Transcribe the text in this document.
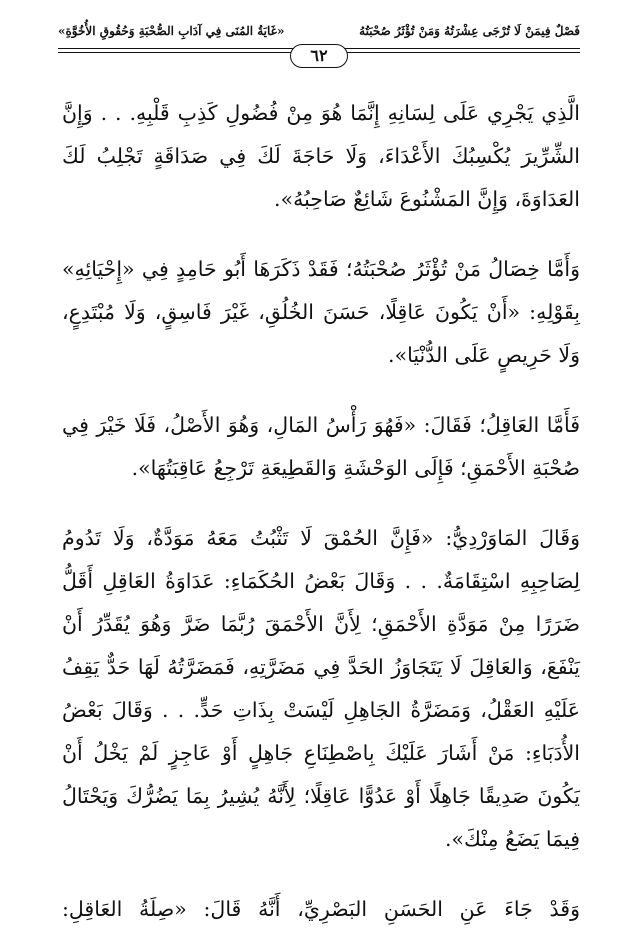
فَصْلٌ فِيمَنْ لَا تُرْجَى عِشْرَتُهُ وَمَنْ تُؤْثَرُ صُحْبَتُهُ
«غَايَةُ المُنَى فِي آدَابِ الصُّحْبَةِ وَحُقُوقِ الأُخُوَّةِ»
٦٢

الَّذِي يَجْرِي عَلَى لِسَانِهِ إِنَّمَا هُوَ مِنْ فُضُولِ كَذِبِ قَلْبِهِ. . . وَإِنَّ الشِّرِّيرَ يُكْسِبُكَ الأَعْدَاءَ، وَلَا حَاجَةَ لَكَ فِي صَدَاقَةٍ تَجْلِبُ لَكَ العَدَاوَةَ، وَإِنَّ المَشْنُوعَ شَائِعٌ صَاحِبُهُ».

وَأَمَّا خِصَالُ مَنْ تُؤْثَرُ صُحْبَتُهُ؛ فَقَدْ ذَكَرَهَا أَبُو حَامِدٍ فِي «إِحْيَائِهِ» بِقَوْلِهِ: «أَنْ يَكُونَ عَاقِلًا، حَسَنَ الخُلُقِ، غَيْرَ فَاسِقٍ، وَلَا مُبْتَدِعٍ، وَلَا حَرِيصٍ عَلَى الدُّنْيَا».

فَأَمَّا العَاقِلُ؛ فَقَالَ: «فَهُوَ رَأْسُ المَالِ، وَهُوَ الأَصْلُ، فَلَا خَيْرَ فِي صُحْبَةِ الأَحْمَقِ؛ فَإِلَى الوَحْشَةِ وَالقَطِيعَةِ تَرْجِعُ عَاقِبَتُهَا».

وَقَالَ المَاوَرْدِيُّ: «فَإِنَّ الحُمْقَ لَا تَثْبُتُ مَعَهُ مَوَدَّةٌ، وَلَا تَدُومُ لِصَاحِبِهِ اسْتِقَامَةٌ. . . وَقَالَ بَعْضُ الحُكَمَاءِ: عَدَاوَةُ العَاقِلِ أَقَلُّ ضَرَرًا مِنْ مَوَدَّةِ الأَحْمَقِ؛ لِأَنَّ الأَحْمَقَ رُبَّمَا ضَرَّ وَهُوَ يُقَدِّرُ أَنْ يَنْفَعَ، وَالعَاقِلَ لَا يَتَجَاوَزُ الحَدَّ فِي مَضَرَّتِهِ، فَمَضَرَّتُهُ لَهَا حَدٌّ يَقِفُ عَلَيْهِ العَقْلُ، وَمَضَرَّةُ الجَاهِلِ لَيْسَتْ بِذَاتِ حَدٍّ. . . وَقَالَ بَعْضُ الأُدَبَاءِ: مَنْ أَشَارَ عَلَيْكَ بِاصْطِنَاعِ جَاهِلٍ أَوْ عَاجِزٍ لَمْ يَخْلُ أَنْ يَكُونَ صَدِيقًا جَاهِلًا أَوْ عَدُوًّا عَاقِلًا؛ لِأَنَّهُ يُشِيرُ بِمَا يَضُرُّكَ وَيَحْتَالُ فِيمَا يَضَعُ مِنْكَ».

وَقَدْ جَاءَ عَنِ الحَسَنِ البَصْرِيِّ، أَنَّهُ قَالَ: «صِلَةُ العَاقِلِ:
